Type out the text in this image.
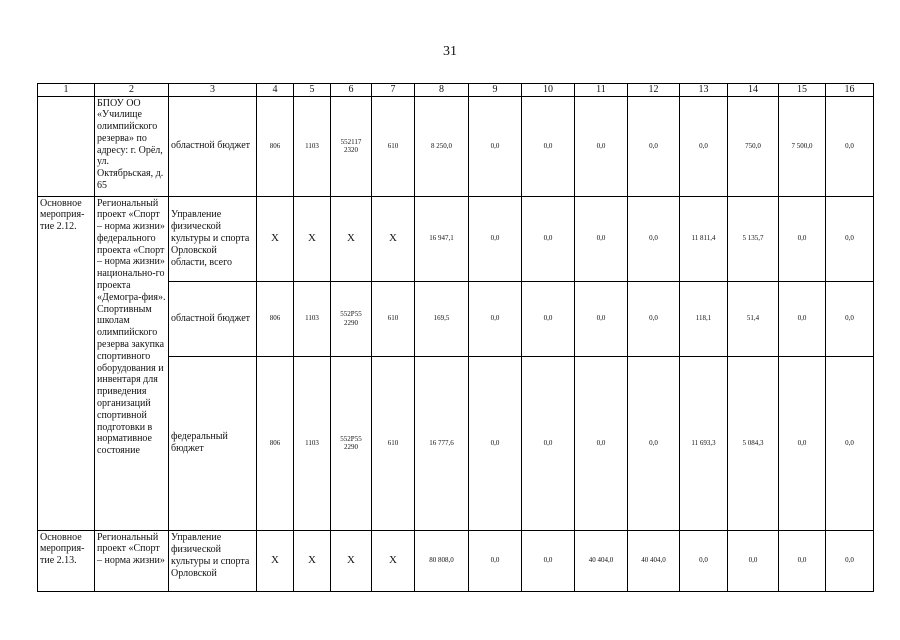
31
1	2	3	4	5	6	7	8	9	10	11	12	13	14	15	16
	БПОУ ОО «Училище олимпийского резерва» по адресу: г. Орёл, ул. Октябрьская, д. 65	областной бюджет	806	1103	552117 2320	610	8 250,0	0,0	0,0	0,0	0,0	0,0	750,0	7 500,0	0,0
Основное мероприя-тие 2.12.	Региональный проект «Спорт – норма жизни» федерального проекта «Спорт – норма жизни» национально-го проекта «Демогра-фия». Спортивным школам олимпийского резерва закупка спортивного оборудования и инвентаря для приведения организаций спортивной подготовки в нормативное состояние	Управление физической культуры и спорта Орловской области, всего	X	X	X	X	16 947,1	0,0	0,0	0,0	0,0	11 811,4	5 135,7	0,0	0,0
		областной бюджет	806	1103	552P55 2290	610	169,5	0,0	0,0	0,0	0,0	118,1	51,4	0,0	0,0
		федеральный бюджет	806	1103	552P55 2290	610	16 777,6	0,0	0,0	0,0	0,0	11 693,3	5 084,3	0,0	0,0
Основное мероприя-тие 2.13.	Региональный проект «Спорт – норма жизни»	Управление физической культуры и спорта Орловской	X	X	X	X	80 808,0	0,0	0,0	40 404,0	40 404,0	0,0	0,0	0,0	0,0
